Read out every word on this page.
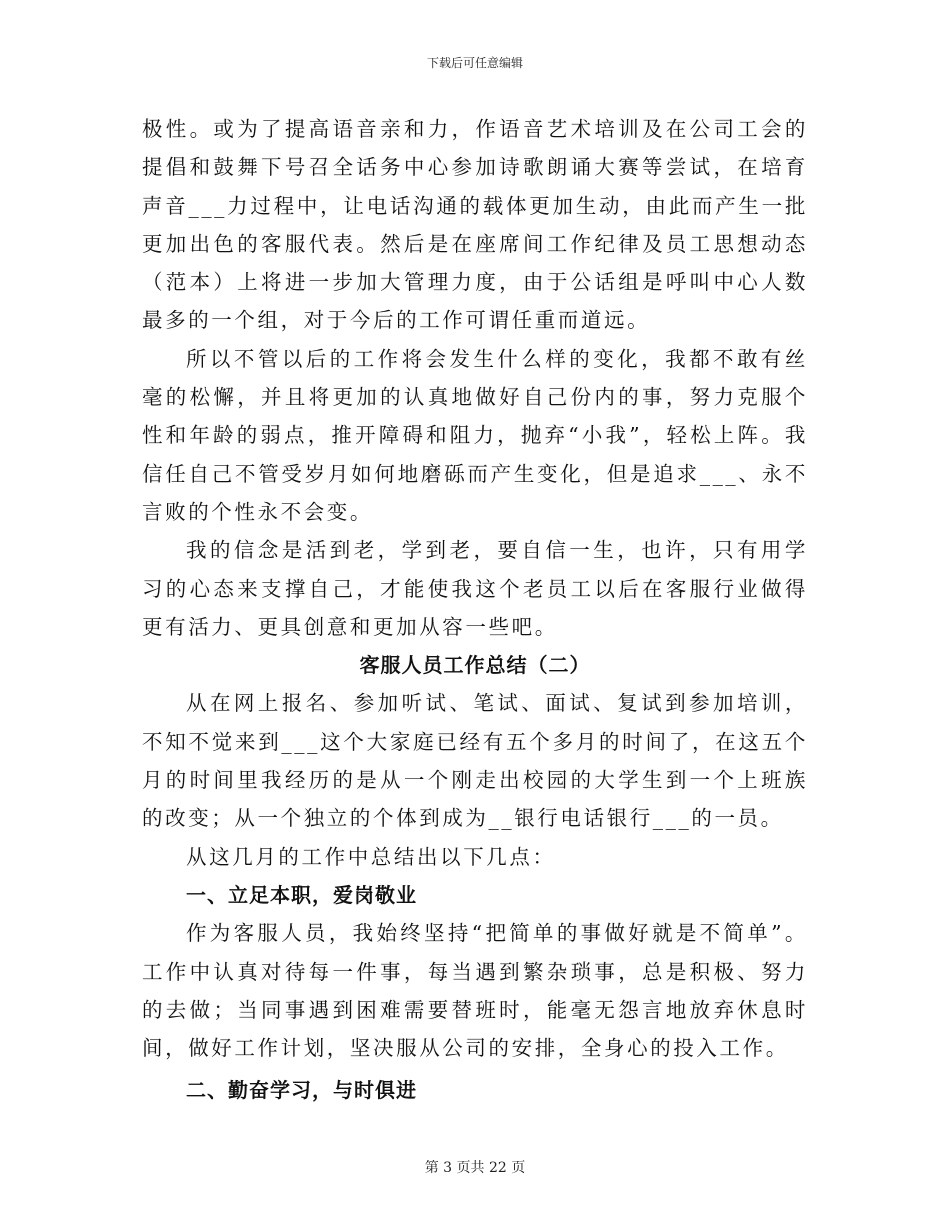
下载后可任意编辑

极性。或为了提高语音亲和力，作语音艺术培训及在公司工会的提倡和鼓舞下号召全话务中心参加诗歌朗诵大赛等尝试，在培育声音___力过程中，让电话沟通的载体更加生动，由此而产生一批更加出色的客服代表。然后是在座席间工作纪律及员工思想动态（范本）上将进一步加大管理力度，由于公话组是呼叫中心人数最多的一个组，对于今后的工作可谓任重而道远。

所以不管以后的工作将会发生什么样的变化，我都不敢有丝毫的松懈，并且将更加的认真地做好自己份内的事，努力克服个性和年龄的弱点，推开障碍和阻力，抛弃“小我”，轻松上阵。我信任自己不管受岁月如何地磨砾而产生变化，但是追求___、永不言败的个性永不会变。

我的信念是活到老，学到老，要自信一生，也许，只有用学习的心态来支撑自己，才能使我这个老员工以后在客服行业做得更有活力、更具创意和更加从容一些吧。

客服人员工作总结（二）

从在网上报名、参加听试、笔试、面试、复试到参加培训，不知不觉来到___这个大家庭已经有五个多月的时间了，在这五个月的时间里我经历的是从一个刚走出校园的大学生到一个上班族的改变；从一个独立的个体到成为__银行电话银行___的一员。

从这几月的工作中总结出以下几点：

一、立足本职，爱岗敬业

作为客服人员，我始终坚持“把简单的事做好就是不简单”。工作中认真对待每一件事，每当遇到繁杂琐事，总是积极、努力的去做；当同事遇到困难需要替班时，能毫无怨言地放弃休息时间，做好工作计划，坚决服从公司的安排，全身心的投入工作。

二、勤奋学习，与时俱进

第 3 页共 22 页
